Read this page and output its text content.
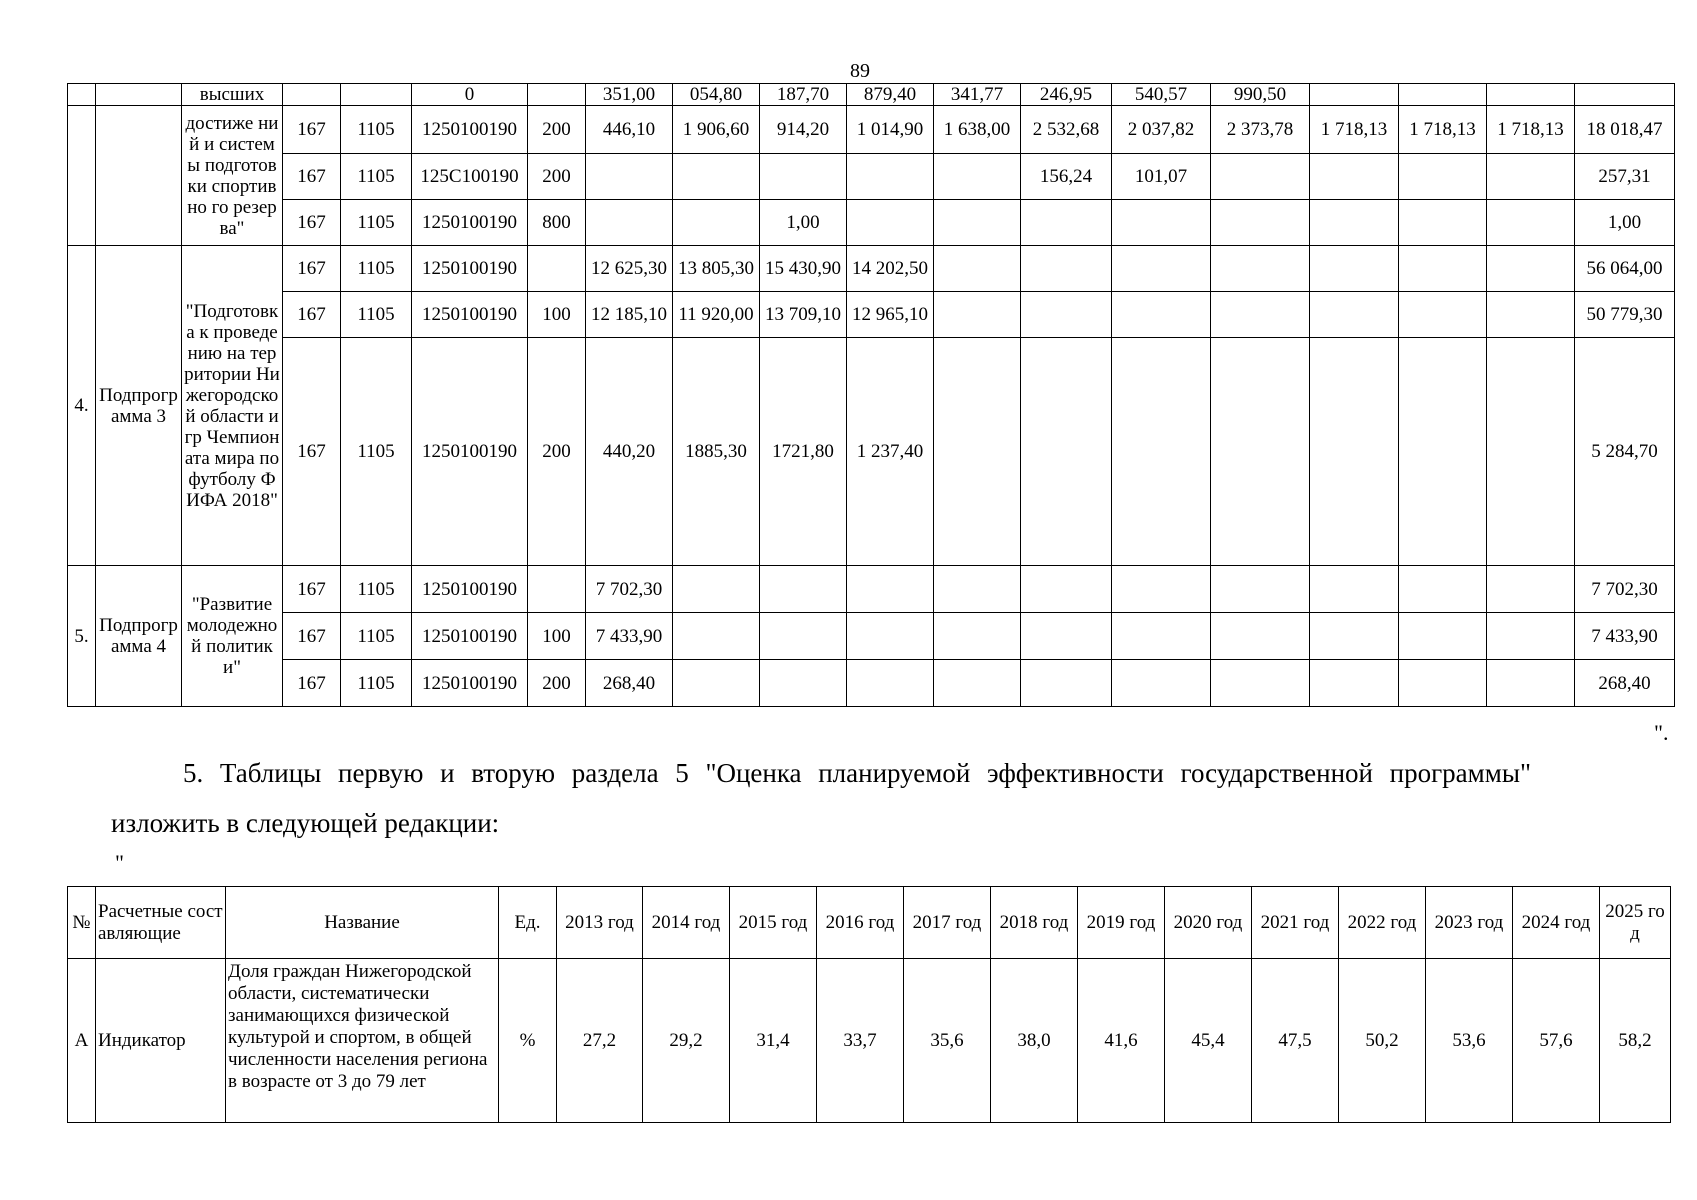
89
		высших			0		351,00	054,80	187,70	879,40	341,77	246,95	540,57	990,50				
		достиже ний и системы подготовки спортивно го резерва"	167	1105	1250100190	200	446,10	1 906,60	914,20	1 014,90	1 638,00	2 532,68	2 037,82	2 373,78	1 718,13	1 718,13	1 718,13	18 018,47
			167	1105	125C100190	200						156,24	101,07					257,31
			167	1105	1250100190	800			1,00									1,00
4.	Подпрограмма 3	"Подготовка к проведению на территории Нижегородской области игр Чемпионата мира по футболу ФИФА 2018"	167	1105	1250100190		12 625,30	13 805,30	15 430,90	14 202,50								56 064,00
			167	1105	1250100190	100	12 185,10	11 920,00	13 709,10	12 965,10								50 779,30
			167	1105	1250100190	200	440,20	1885,30	1721,80	1 237,40								5 284,70
5.	Подпрограмма 4	"Развитие молодежной политики"	167	1105	1250100190		7 702,30											7 702,30
			167	1105	1250100190	100	7 433,90											7 433,90
			167	1105	1250100190	200	268,40											268,40
".
5. Таблицы первую и вторую раздела 5 "Оценка планируемой эффективности государственной программы"
изложить в следующей редакции:
"
№	Расчетные составляющие	Название	Ед.	2013 год	2014 год	2015 год	2016 год	2017 год	2018 год	2019 год	2020 год	2021 год	2022 год	2023 год	2024 год	2025 год
А	Индикатор	Доля граждан Нижегородской области, систематически занимающихся физической культурой и спортом, в общей численности населения региона в возрасте от 3 до 79 лет	%	27,2	29,2	31,4	33,7	35,6	38,0	41,6	45,4	47,5	50,2	53,6	57,6	58,2
